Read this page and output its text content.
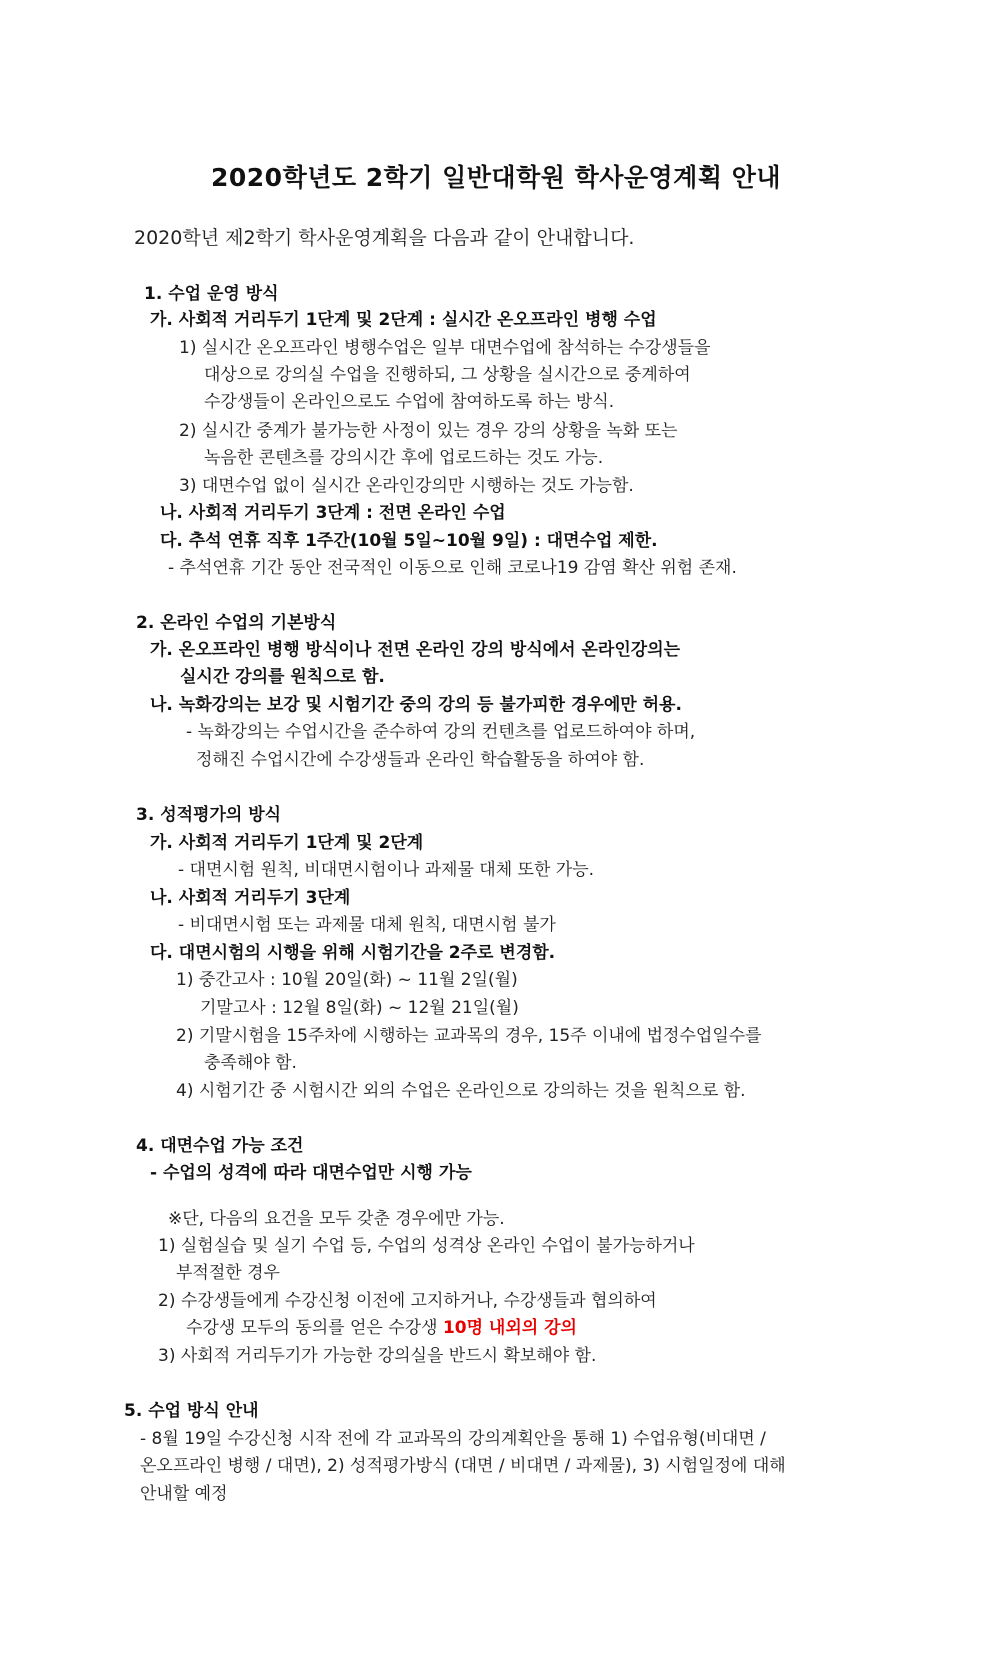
2020학년도 2학기 일반대학원 학사운영계획 안내
2020학년 제2학기 학사운영계획을 다음과 같이 안내합니다.
1. 수업 운영 방식
가. 사회적 거리두기 1단계 및 2단계 : 실시간 온오프라인 병행 수업
1) 실시간 온오프라인 병행수업은 일부 대면수업에 참석하는 수강생들을
대상으로 강의실 수업을 진행하되, 그 상황을 실시간으로 중계하여
수강생들이 온라인으로도 수업에 참여하도록 하는 방식.
2) 실시간 중계가 불가능한 사정이 있는 경우 강의 상황을 녹화 또는
녹음한 콘텐츠를 강의시간 후에 업로드하는 것도 가능.
3) 대면수업 없이 실시간 온라인강의만 시행하는 것도 가능함.
나. 사회적 거리두기 3단계 : 전면 온라인 수업
다. 추석 연휴 직후 1주간(10월 5일~10월 9일) : 대면수업 제한.
- 추석연휴 기간 동안 전국적인 이동으로 인해 코로나19 감염 확산 위험 존재.
2. 온라인 수업의 기본방식
가. 온오프라인 병행 방식이나 전면 온라인 강의 방식에서 온라인강의는
실시간 강의를 원칙으로 함.
나. 녹화강의는 보강 및 시험기간 중의 강의 등 불가피한 경우에만 허용.
- 녹화강의는 수업시간을 준수하여 강의 컨텐츠를 업로드하여야 하며,
정해진 수업시간에 수강생들과 온라인 학습활동을 하여야 함.
3. 성적평가의 방식
가. 사회적 거리두기 1단계 및 2단계
- 대면시험 원칙, 비대면시험이나 과제물 대체 또한 가능.
나. 사회적 거리두기 3단계
- 비대면시험 또는 과제물 대체 원칙, 대면시험 불가
다. 대면시험의 시행을 위해 시험기간을 2주로 변경함.
1) 중간고사 : 10월 20일(화) ~ 11월 2일(월)
기말고사 : 12월 8일(화) ~ 12월 21일(월)
2) 기말시험을 15주차에 시행하는 교과목의 경우, 15주 이내에 법정수업일수를
충족해야 함.
4) 시험기간 중 시험시간 외의 수업은 온라인으로 강의하는 것을 원칙으로 함.
4. 대면수업 가능 조건
- 수업의 성격에 따라 대면수업만 시행 가능
※단, 다음의 요건을 모두 갖춘 경우에만 가능.
1) 실험실습 및 실기 수업 등, 수업의 성격상 온라인 수업이 불가능하거나
부적절한 경우
2) 수강생들에게 수강신청 이전에 고지하거나, 수강생들과 협의하여
수강생 모두의 동의를 얻은 수강생 10명 내외의 강의
3) 사회적 거리두기가 가능한 강의실을 반드시 확보해야 함.
5. 수업 방식 안내
- 8월 19일 수강신청 시작 전에 각 교과목의 강의계획안을 통해 1) 수업유형(비대면 /
온오프라인 병행 / 대면), 2) 성적평가방식 (대면 / 비대면 / 과제물), 3) 시험일정에 대해
안내할 예정
